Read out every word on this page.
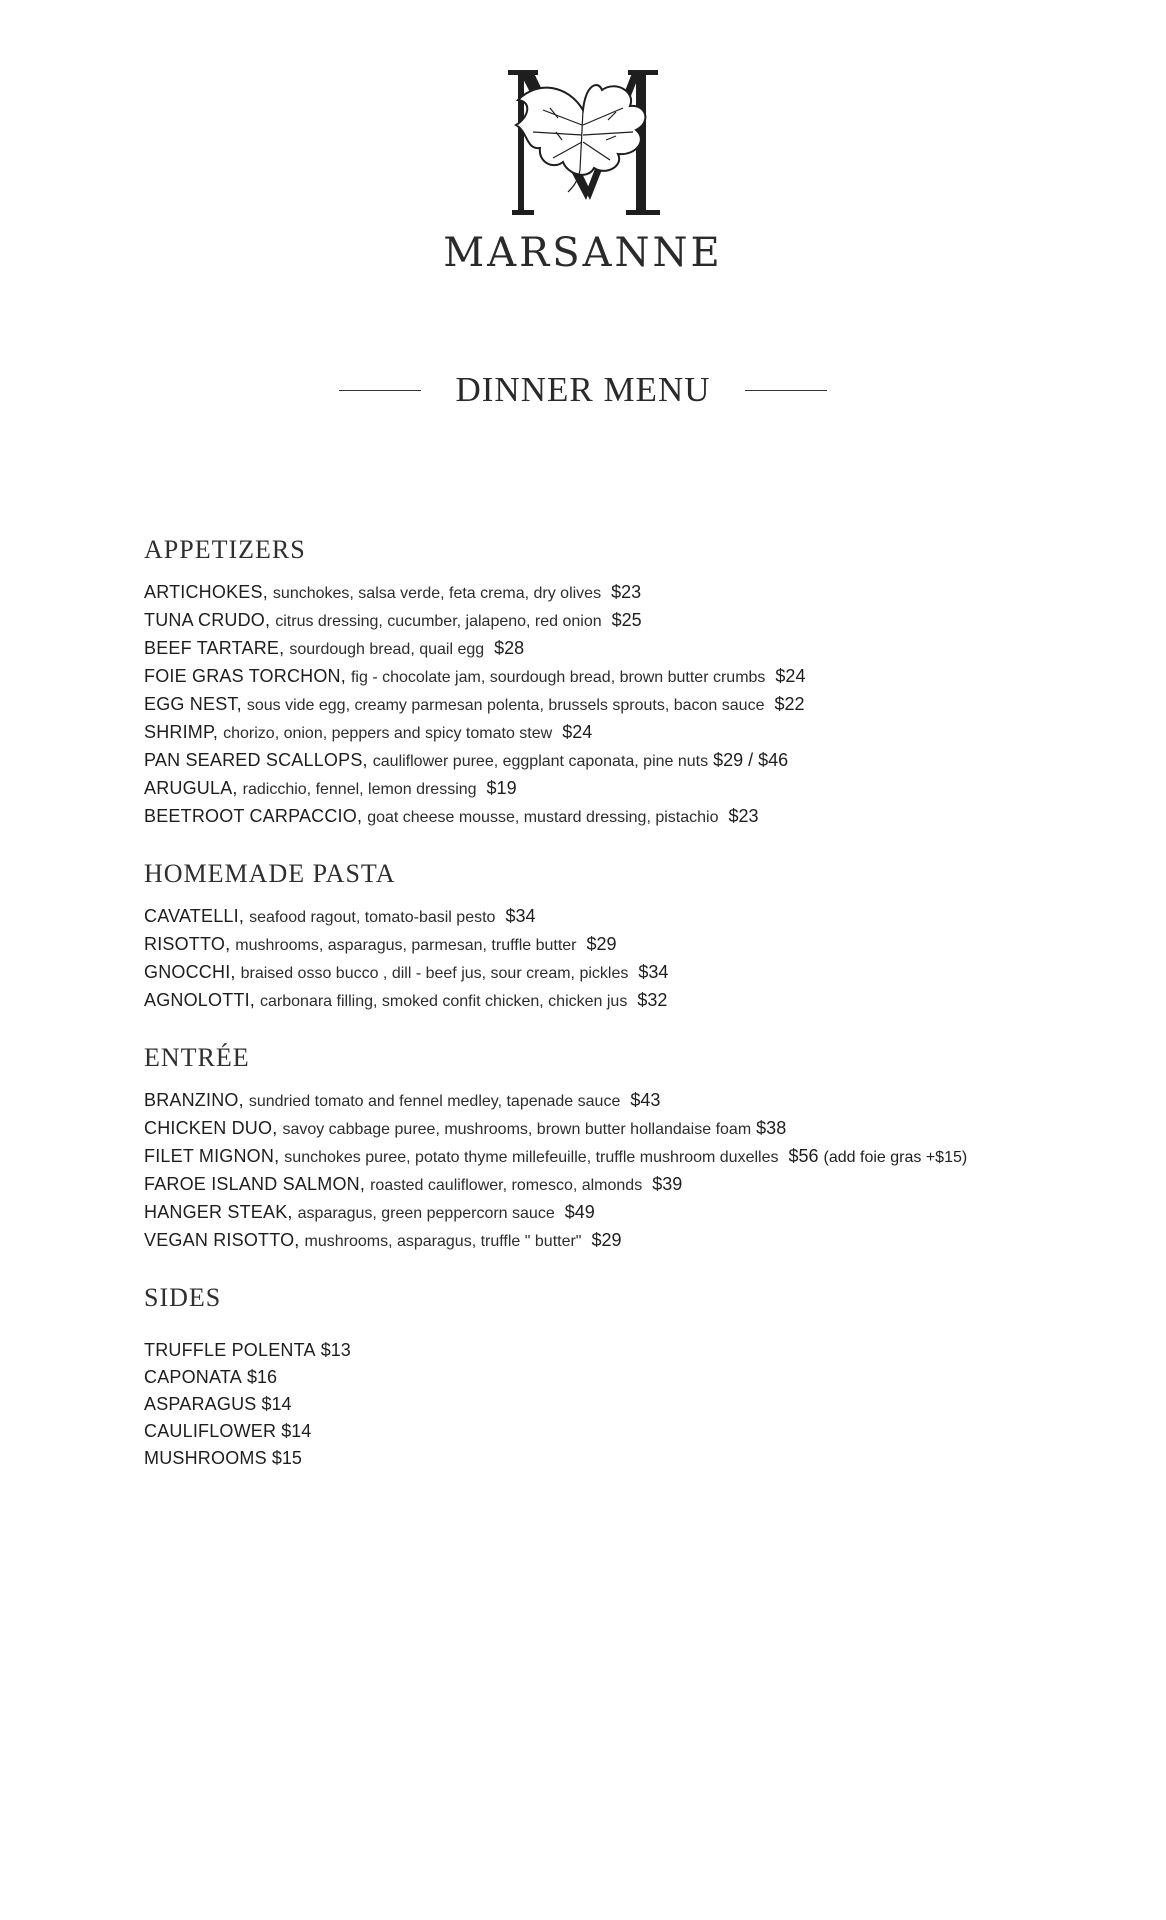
MARSANNE
DINNER MENU
APPETIZERS
ARTICHOKES, sunchokes, salsa verde, feta crema, dry olives $23
TUNA CRUDO, citrus dressing, cucumber, jalapeno, red onion $25
BEEF TARTARE, sourdough bread, quail egg $28
FOIE GRAS TORCHON, fig - chocolate jam, sourdough bread, brown butter crumbs $24
EGG NEST, sous vide egg, creamy parmesan polenta, brussels sprouts, bacon sauce $22
SHRIMP, chorizo, onion, peppers and spicy tomato stew $24
PAN SEARED SCALLOPS, cauliflower puree, eggplant caponata, pine nuts $29 / $46
ARUGULA, radicchio, fennel, lemon dressing $19
BEETROOT CARPACCIO, goat cheese mousse, mustard dressing, pistachio $23
HOMEMADE PASTA
CAVATELLI, seafood ragout, tomato-basil pesto $34
RISOTTO, mushrooms, asparagus, parmesan, truffle butter $29
GNOCCHI, braised osso bucco , dill - beef jus, sour cream, pickles $34
AGNOLOTTI, carbonara filling, smoked confit chicken, chicken jus $32
ENTRÉE
BRANZINO, sundried tomato and fennel medley, tapenade sauce $43
CHICKEN DUO, savoy cabbage puree, mushrooms, brown butter hollandaise foam $38
FILET MIGNON, sunchokes puree, potato thyme millefeuille, truffle mushroom duxelles $56 (add foie gras +$15)
FAROE ISLAND SALMON, roasted cauliflower, romesco, almonds $39
HANGER STEAK, asparagus, green peppercorn sauce $49
VEGAN RISOTTO, mushrooms, asparagus, truffle " butter" $29
SIDES
TRUFFLE POLENTA $13
CAPONATA $16
ASPARAGUS $14
CAULIFLOWER $14
MUSHROOMS $15
